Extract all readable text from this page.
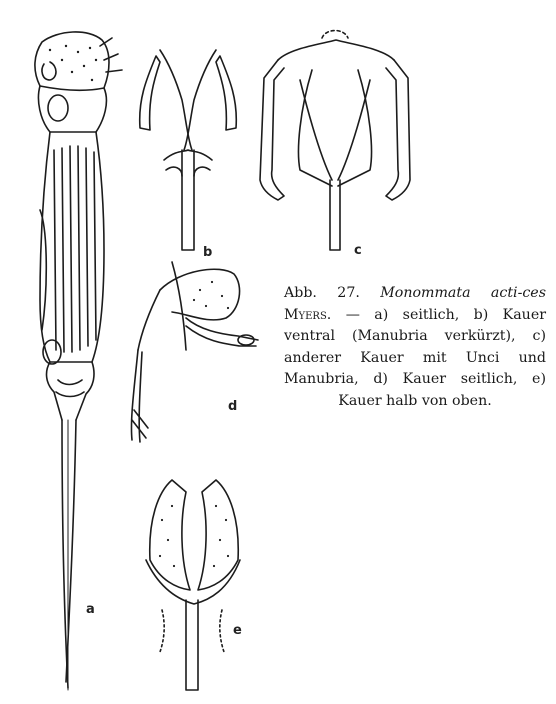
a
b	c
d
e
Abb. 27. Monommata acti-ces Myers. — a) seitlich, b) Kauer ventral (Manubria verkürzt), c) anderer Kauer mit Unci und Manubria, d) Kauer seitlich, e) Kauer halb von oben.
